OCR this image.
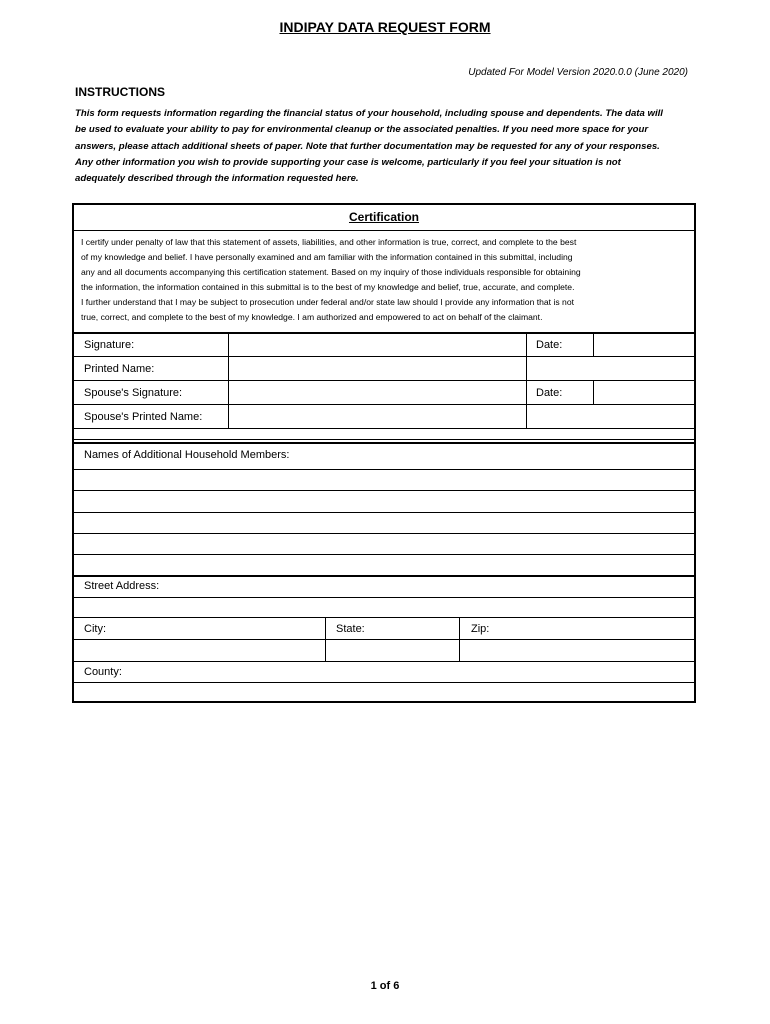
INDIPAY DATA REQUEST FORM
Updated For Model Version 2020.0.0 (June 2020)
INSTRUCTIONS
This form requests information regarding the financial status of your household, including spouse and dependents. The data will
be used to evaluate your ability to pay for environmental cleanup or the associated penalties. If you need more space for your
answers, please attach additional sheets of paper. Note that further documentation may be requested for any of your responses.
Any other information you wish to provide supporting your case is welcome, particularly if you feel your situation is not
adequately described through the information requested here.
Certification
I certify under penalty of law that this statement of assets, liabilities, and other information is true, correct, and complete to the best
of my knowledge and belief. I have personally examined and am familiar with the information contained in this submittal, including
any and all documents accompanying this certification statement. Based on my inquiry of those individuals responsible for obtaining
the information, the information contained in this submittal is to the best of my knowledge and belief, true, accurate, and complete.
I further understand that I may be subject to prosecution under federal and/or state law should I provide any information that is not
true, correct, and complete to the best of my knowledge. I am authorized and empowered to act on behalf of the claimant.
Signature:	Date:
Printed Name:
Spouse's Signature:	Date:
Spouse's Printed Name:
Names of Additional Household Members:
Street Address:
City:	State:	Zip:
County:
1 of 6
